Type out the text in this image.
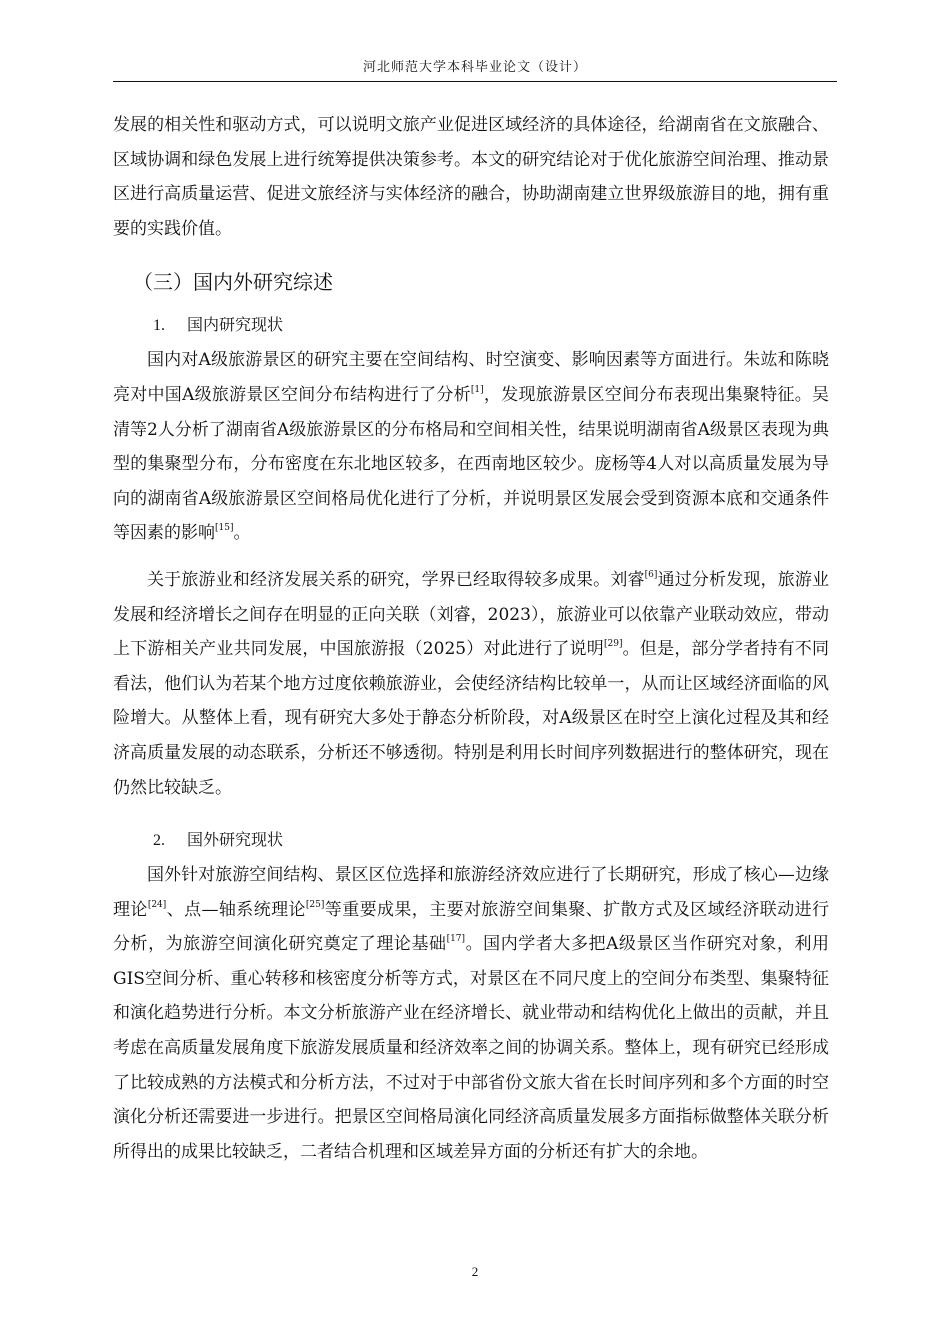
河北师范大学本科毕业论文（设计）

发展的相关性和驱动方式，可以说明文旅产业促进区域经济的具体途径，给湖南省在文旅融合、区域协调和绿色发展上进行统筹提供决策参考。本文的研究结论对于优化旅游空间治理、推动景区进行高质量运营、促进文旅经济与实体经济的融合，协助湖南建立世界级旅游目的地，拥有重要的实践价值。

（三）国内外研究综述
1. 国内研究现状

国内对A级旅游景区的研究主要在空间结构、时空演变、影响因素等方面进行。朱竑和陈晓亮对中国A级旅游景区空间分布结构进行了分析[1]，发现旅游景区空间分布表现出集聚特征。吴清等2人分析了湖南省A级旅游景区的分布格局和空间相关性，结果说明湖南省A级景区表现为典型的集聚型分布，分布密度在东北地区较多，在西南地区较少。庞杨等4人对以高质量发展为导向的湖南省A级旅游景区空间格局优化进行了分析，并说明景区发展会受到资源本底和交通条件等因素的影响[15]。

关于旅游业和经济发展关系的研究，学界已经取得较多成果。刘睿[6]通过分析发现，旅游业发展和经济增长之间存在明显的正向关联（刘睿，2023），旅游业可以依靠产业联动效应，带动上下游相关产业共同发展，中国旅游报（2025）对此进行了说明[29]。但是，部分学者持有不同看法，他们认为若某个地方过度依赖旅游业，会使经济结构比较单一，从而让区域经济面临的风险增大。从整体上看，现有研究大多处于静态分析阶段，对A级景区在时空上演化过程及其和经济高质量发展的动态联系，分析还不够透彻。特别是利用长时间序列数据进行的整体研究，现在仍然比较缺乏。

2. 国外研究现状

国外针对旅游空间结构、景区区位选择和旅游经济效应进行了长期研究，形成了核心—边缘理论[24]、点—轴系统理论[25]等重要成果，主要对旅游空间集聚、扩散方式及区域经济联动进行分析，为旅游空间演化研究奠定了理论基础[17]。国内学者大多把A级景区当作研究对象，利用GIS空间分析、重心转移和核密度分析等方式，对景区在不同尺度上的空间分布类型、集聚特征和演化趋势进行分析。本文分析旅游产业在经济增长、就业带动和结构优化上做出的贡献，并且考虑在高质量发展角度下旅游发展质量和经济效率之间的协调关系。整体上，现有研究已经形成了比较成熟的方法模式和分析方法，不过对于中部省份文旅大省在长时间序列和多个方面的时空演化分析还需要进一步进行。把景区空间格局演化同经济高质量发展多方面指标做整体关联分析所得出的成果比较缺乏，二者结合机理和区域差异方面的分析还有扩大的余地。

2
